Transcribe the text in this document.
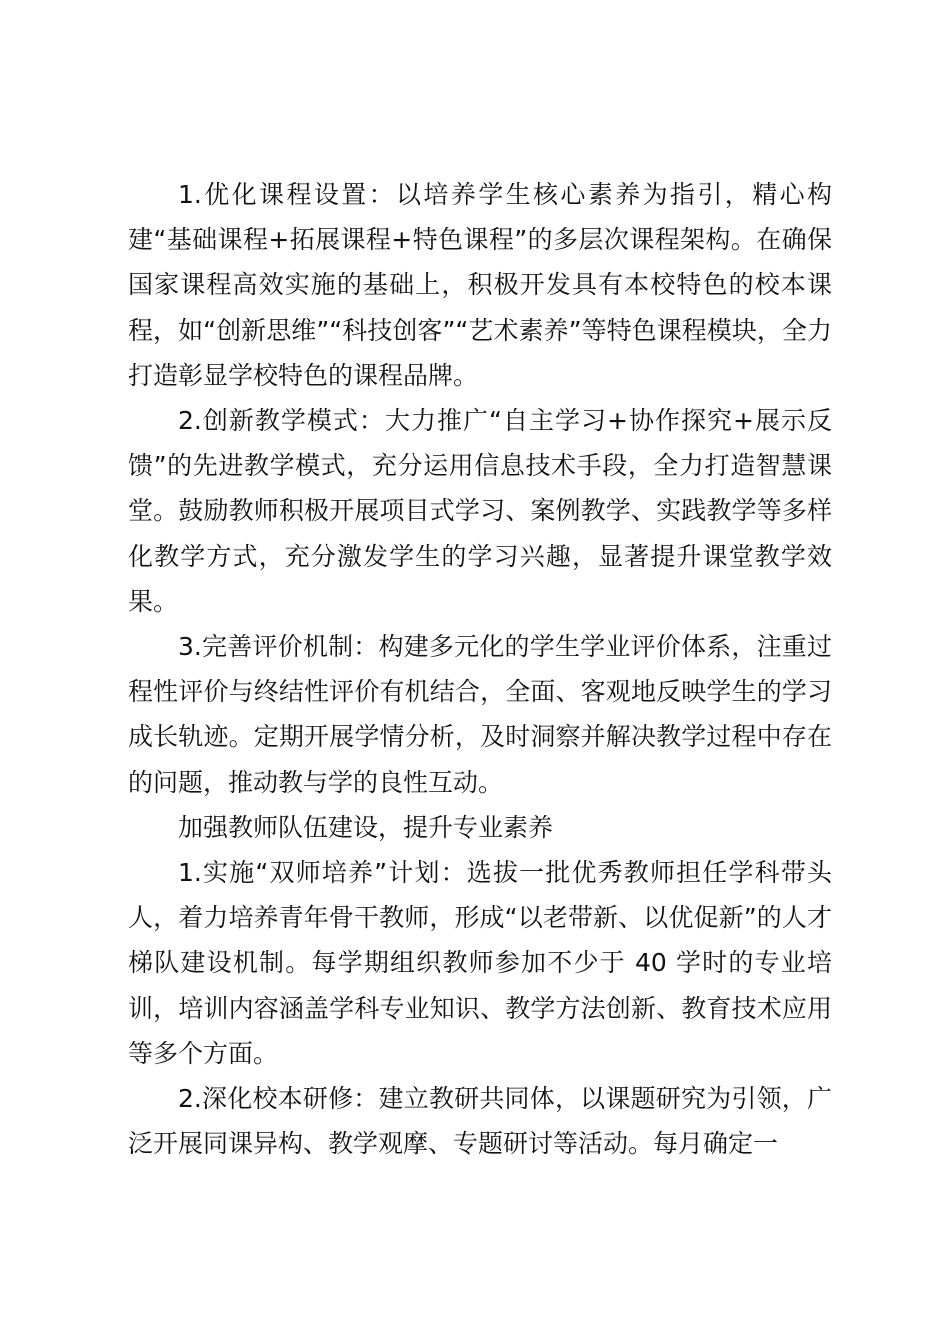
1.优化课程设置：以培养学生核心素养为指引，精心构建“基础课程+拓展课程+特色课程”的多层次课程架构。在确保国家课程高效实施的基础上，积极开发具有本校特色的校本课程，如“创新思维”“科技创客”“艺术素养”等特色课程模块，全力打造彰显学校特色的课程品牌。

2.创新教学模式：大力推广“自主学习+协作探究+展示反馈”的先进教学模式，充分运用信息技术手段，全力打造智慧课堂。鼓励教师积极开展项目式学习、案例教学、实践教学等多样化教学方式，充分激发学生的学习兴趣，显著提升课堂教学效果。

3.完善评价机制：构建多元化的学生学业评价体系，注重过程性评价与终结性评价有机结合，全面、客观地反映学生的学习成长轨迹。定期开展学情分析，及时洞察并解决教学过程中存在的问题，推动教与学的良性互动。

加强教师队伍建设，提升专业素养

1.实施“双师培养”计划：选拔一批优秀教师担任学科带头人，着力培养青年骨干教师，形成“以老带新、以优促新”的人才梯队建设机制。每学期组织教师参加不少于 40 学时的专业培训，培训内容涵盖学科专业知识、教学方法创新、教育技术应用等多个方面。

2.深化校本研修：建立教研共同体，以课题研究为引领，广泛开展同课异构、教学观摩、专题研讨等活动。每月确定一
